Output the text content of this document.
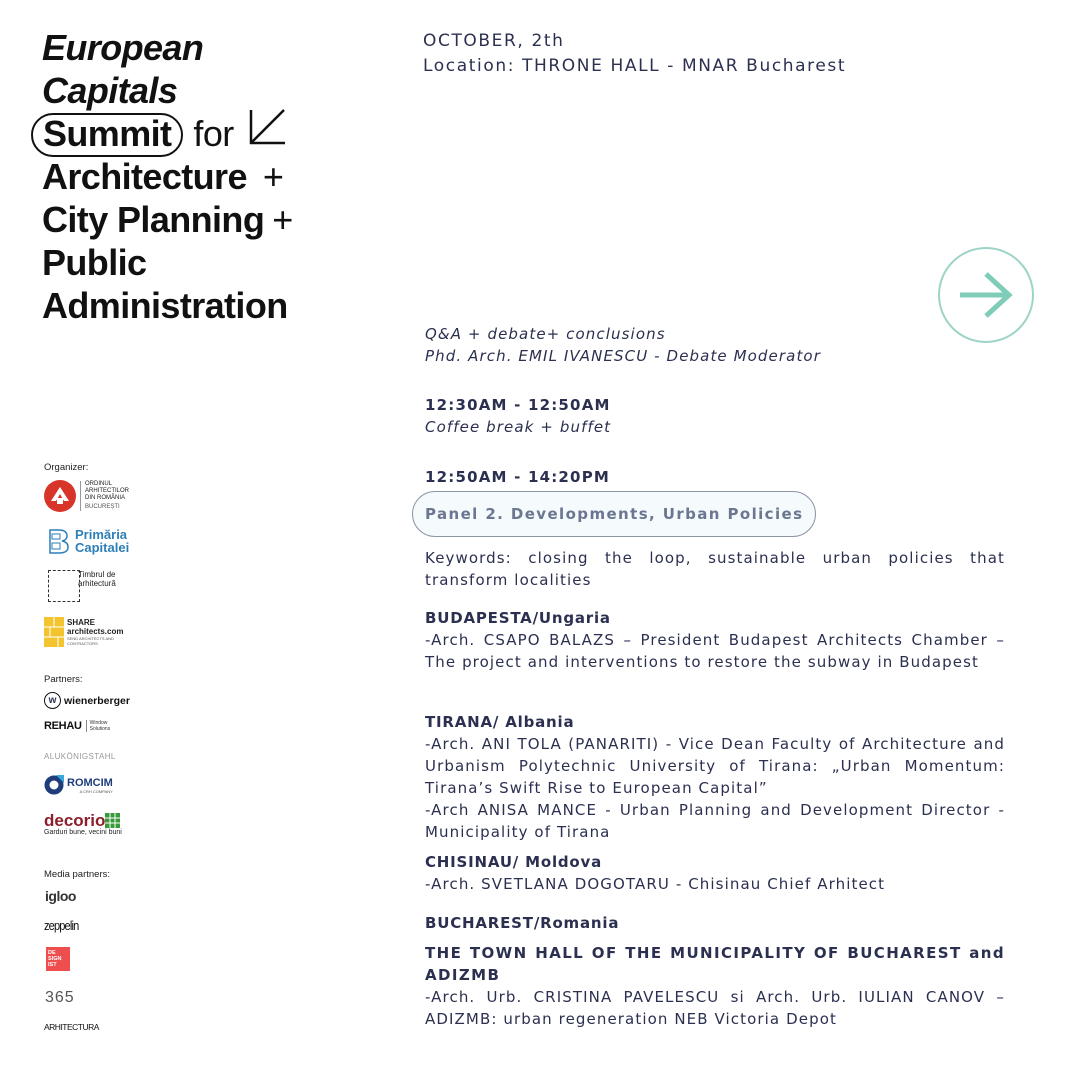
European
Capitals
Summit for
Architecture +
City Planning +
Public
Administration
OCTOBER, 2th
Location: THRONE HALL - MNAR Bucharest
Q&A + debate+ conclusions
Phd. Arch. EMIL IVANESCU - Debate Moderator
12:30AM - 12:50AM
Coffee break + buffet
12:50AM - 14:20PM
Panel 2. Developments, Urban Policies
Keywords: closing the loop, sustainable urban policies that transform localities
BUDAPESTA/Ungaria
-Arch. CSAPO BALAZS – President Budapest Architects Chamber – The project and interventions to restore the subway in Budapest
TIRANA/ Albania
-Arch. ANI TOLA (PANARITI) - Vice Dean Faculty of Architecture and Urbanism Polytechnic University of Tirana: „Urban Momentum: Tirana’s Swift Rise to European Capital”
-Arch ANISA MANCE - Urban Planning and Development Director - Municipality of Tirana
CHISINAU/ Moldova
-Arch. SVETLANA DOGOTARU - Chisinau Chief Arhitect
BUCHAREST/Romania
THE TOWN HALL OF THE MUNICIPALITY OF BUCHAREST and ADIZMB
-Arch. Urb. CRISTINA PAVELESCU si Arch. Urb. IULIAN CANOV – ADIZMB: urban regeneration NEB Victoria Depot
Organizer:
ORDINUL ARHITECTILOR DIN ROMÂNIA
BUCUREȘTI
Primăria Capitalei
Timbrul de arhitectură
SHARE architects.com
SEND ARCHITECTS AND CONTRACTORS
Partners:
w wienerberger
REHAU	Window Solutions
ALUKÖNIGSTAHL
ROMCIM
A CRH COMPANY
decorio
Garduri bune, vecini buni
Media partners:
igloo
zeppelin
DE SIGN IST
365
ARHITECTURA
